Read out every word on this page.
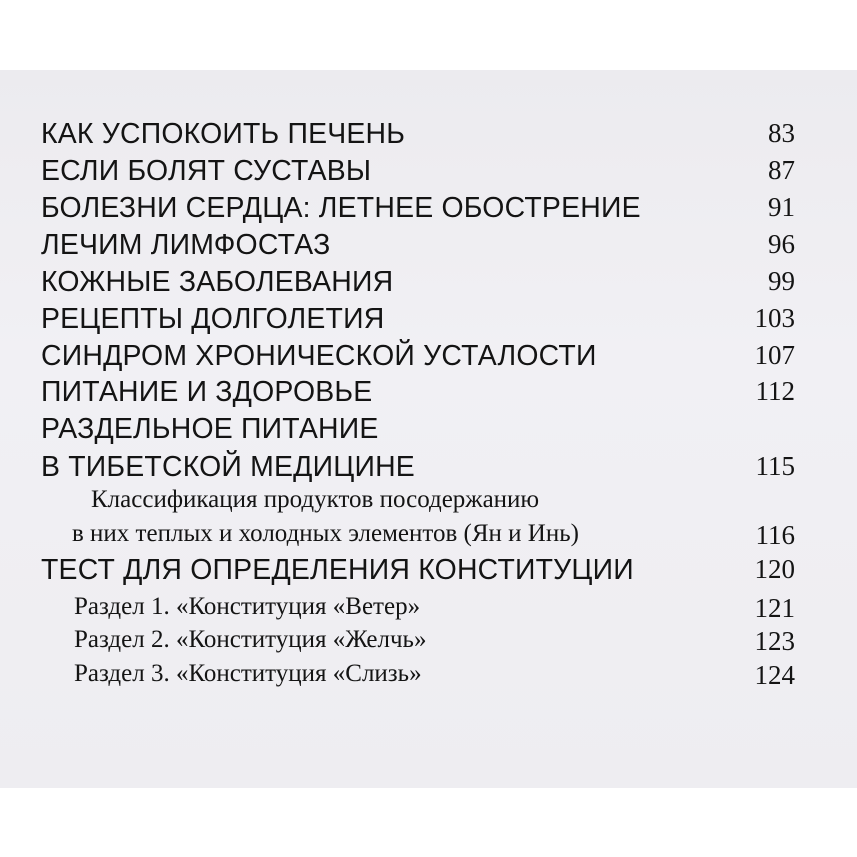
КАК УСПОКОИТЬ ПЕЧЕНЬ	83
ЕСЛИ БОЛЯТ СУСТАВЫ	87
БОЛЕЗНИ СЕРДЦА: ЛЕТНЕЕ ОБОСТРЕНИЕ	91
ЛЕЧИМ ЛИМФОСТАЗ	96
КОЖНЫЕ ЗАБОЛЕВАНИЯ	99
РЕЦЕПТЫ ДОЛГОЛЕТИЯ	103
СИНДРОМ ХРОНИЧЕСКОЙ УСТАЛОСТИ	107
ПИТАНИЕ И ЗДОРОВЬЕ	112
РАЗДЕЛЬНОЕ ПИТАНИЕ
В ТИБЕТСКОЙ МЕДИЦИНЕ	115
Классификация продуктов посодержанию
в них теплых и холодных элементов (Ян и Инь)	116
ТЕСТ ДЛЯ ОПРЕДЕЛЕНИЯ КОНСТИТУЦИИ	120
Раздел 1. «Конституция «Ветер»	121
Раздел 2. «Конституция «Желчь»	123
Раздел 3. «Конституция «Слизь»	124
